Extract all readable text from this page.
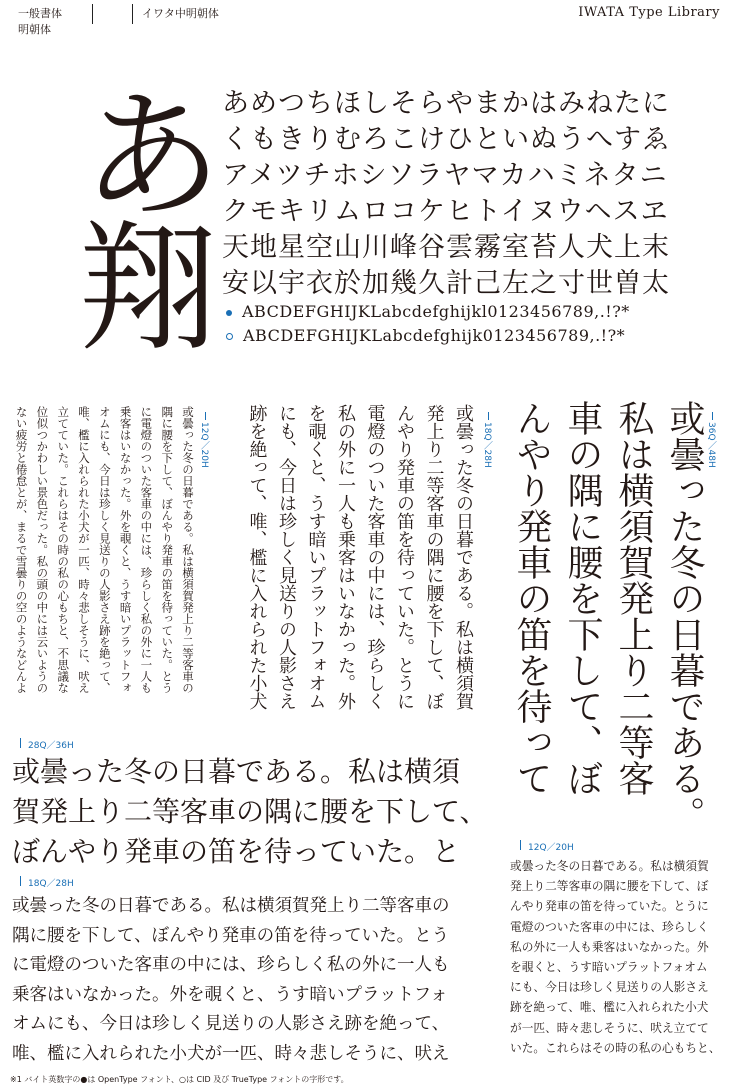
一般書体
明朝体
イワタ中明朝体	IWATA Type Library
あ
翔
あめつちほしそらやまかはみねたに
くもきりむろこけひといぬうへすゑ
アメツチホシソラヤマカハミネタニ
クモキリムロコケヒトイヌウヘスヱ
天地星空山川峰谷雲霧室苔人犬上末
安以宇衣於加幾久計己左之寸世曽太
ABCDEFGHIJKLabcdefghijkl0123456789,.!?*
ABCDEFGHIJKLabcdefghijk0123456789,.!?*
12Q／20H
或曇った冬の日暮である。私は横須賀発上り二等客車の
隅に腰を下して、ぼんやり発車の笛を待っていた。とう
に電燈のついた客車の中には、珍らしく私の外に一人も
乗客はいなかった。外を覗くと、うす暗いプラットフォ
オムにも、今日は珍しく見送りの人影さえ跡を絶って、
唯、檻に入れられた小犬が一匹、時々悲しそうに、吠え
立てていた。これらはその時の私の心もちと、不思議な
位似つかわしい景色だった。私の頭の中には云いようの
ない疲労と倦怠とが、まるで雪曇りの空のようなどんよ	18Q／28H
或曇った冬の日暮である。私は横須賀
発上り二等客車の隅に腰を下して、ぼ
んやり発車の笛を待っていた。とうに
電燈のついた客車の中には、珍らしく
私の外に一人も乗客はいなかった。外
を覗くと、うす暗いプラットフォオム
にも、今日は珍しく見送りの人影さえ
跡を絶って、唯、檻に入れられた小犬	36Q／48H
或曇った冬の日暮である。
私は横須賀発上り二等客
車の隅に腰を下して、ぼ
んやり発車の笛を待って
28Q／36H
或曇った冬の日暮である。私は横須
賀発上り二等客車の隅に腰を下して、
ぼんやり発車の笛を待っていた。と
18Q／28H
或曇った冬の日暮である。私は横須賀発上り二等客車の
隅に腰を下して、ぼんやり発車の笛を待っていた。とう
に電燈のついた客車の中には、珍らしく私の外に一人も
乗客はいなかった。外を覗くと、うす暗いプラットフォ
オムにも、今日は珍しく見送りの人影さえ跡を絶って、
唯、檻に入れられた小犬が一匹、時々悲しそうに、吠え
12Q／20H
或曇った冬の日暮である。私は横須賀
発上り二等客車の隅に腰を下して、ぼ
んやり発車の笛を待っていた。とうに
電燈のついた客車の中には、珍らしく
私の外に一人も乗客はいなかった。外
を覗くと、うす暗いプラットフォオム
にも、今日は珍しく見送りの人影さえ
跡を絶って、唯、檻に入れられた小犬
が一匹、時々悲しそうに、吠え立てて
いた。これらはその時の私の心もちと、
※1 バイト英数字の●は OpenType フォント、○は CID 及び TrueType フォントの字形です。
